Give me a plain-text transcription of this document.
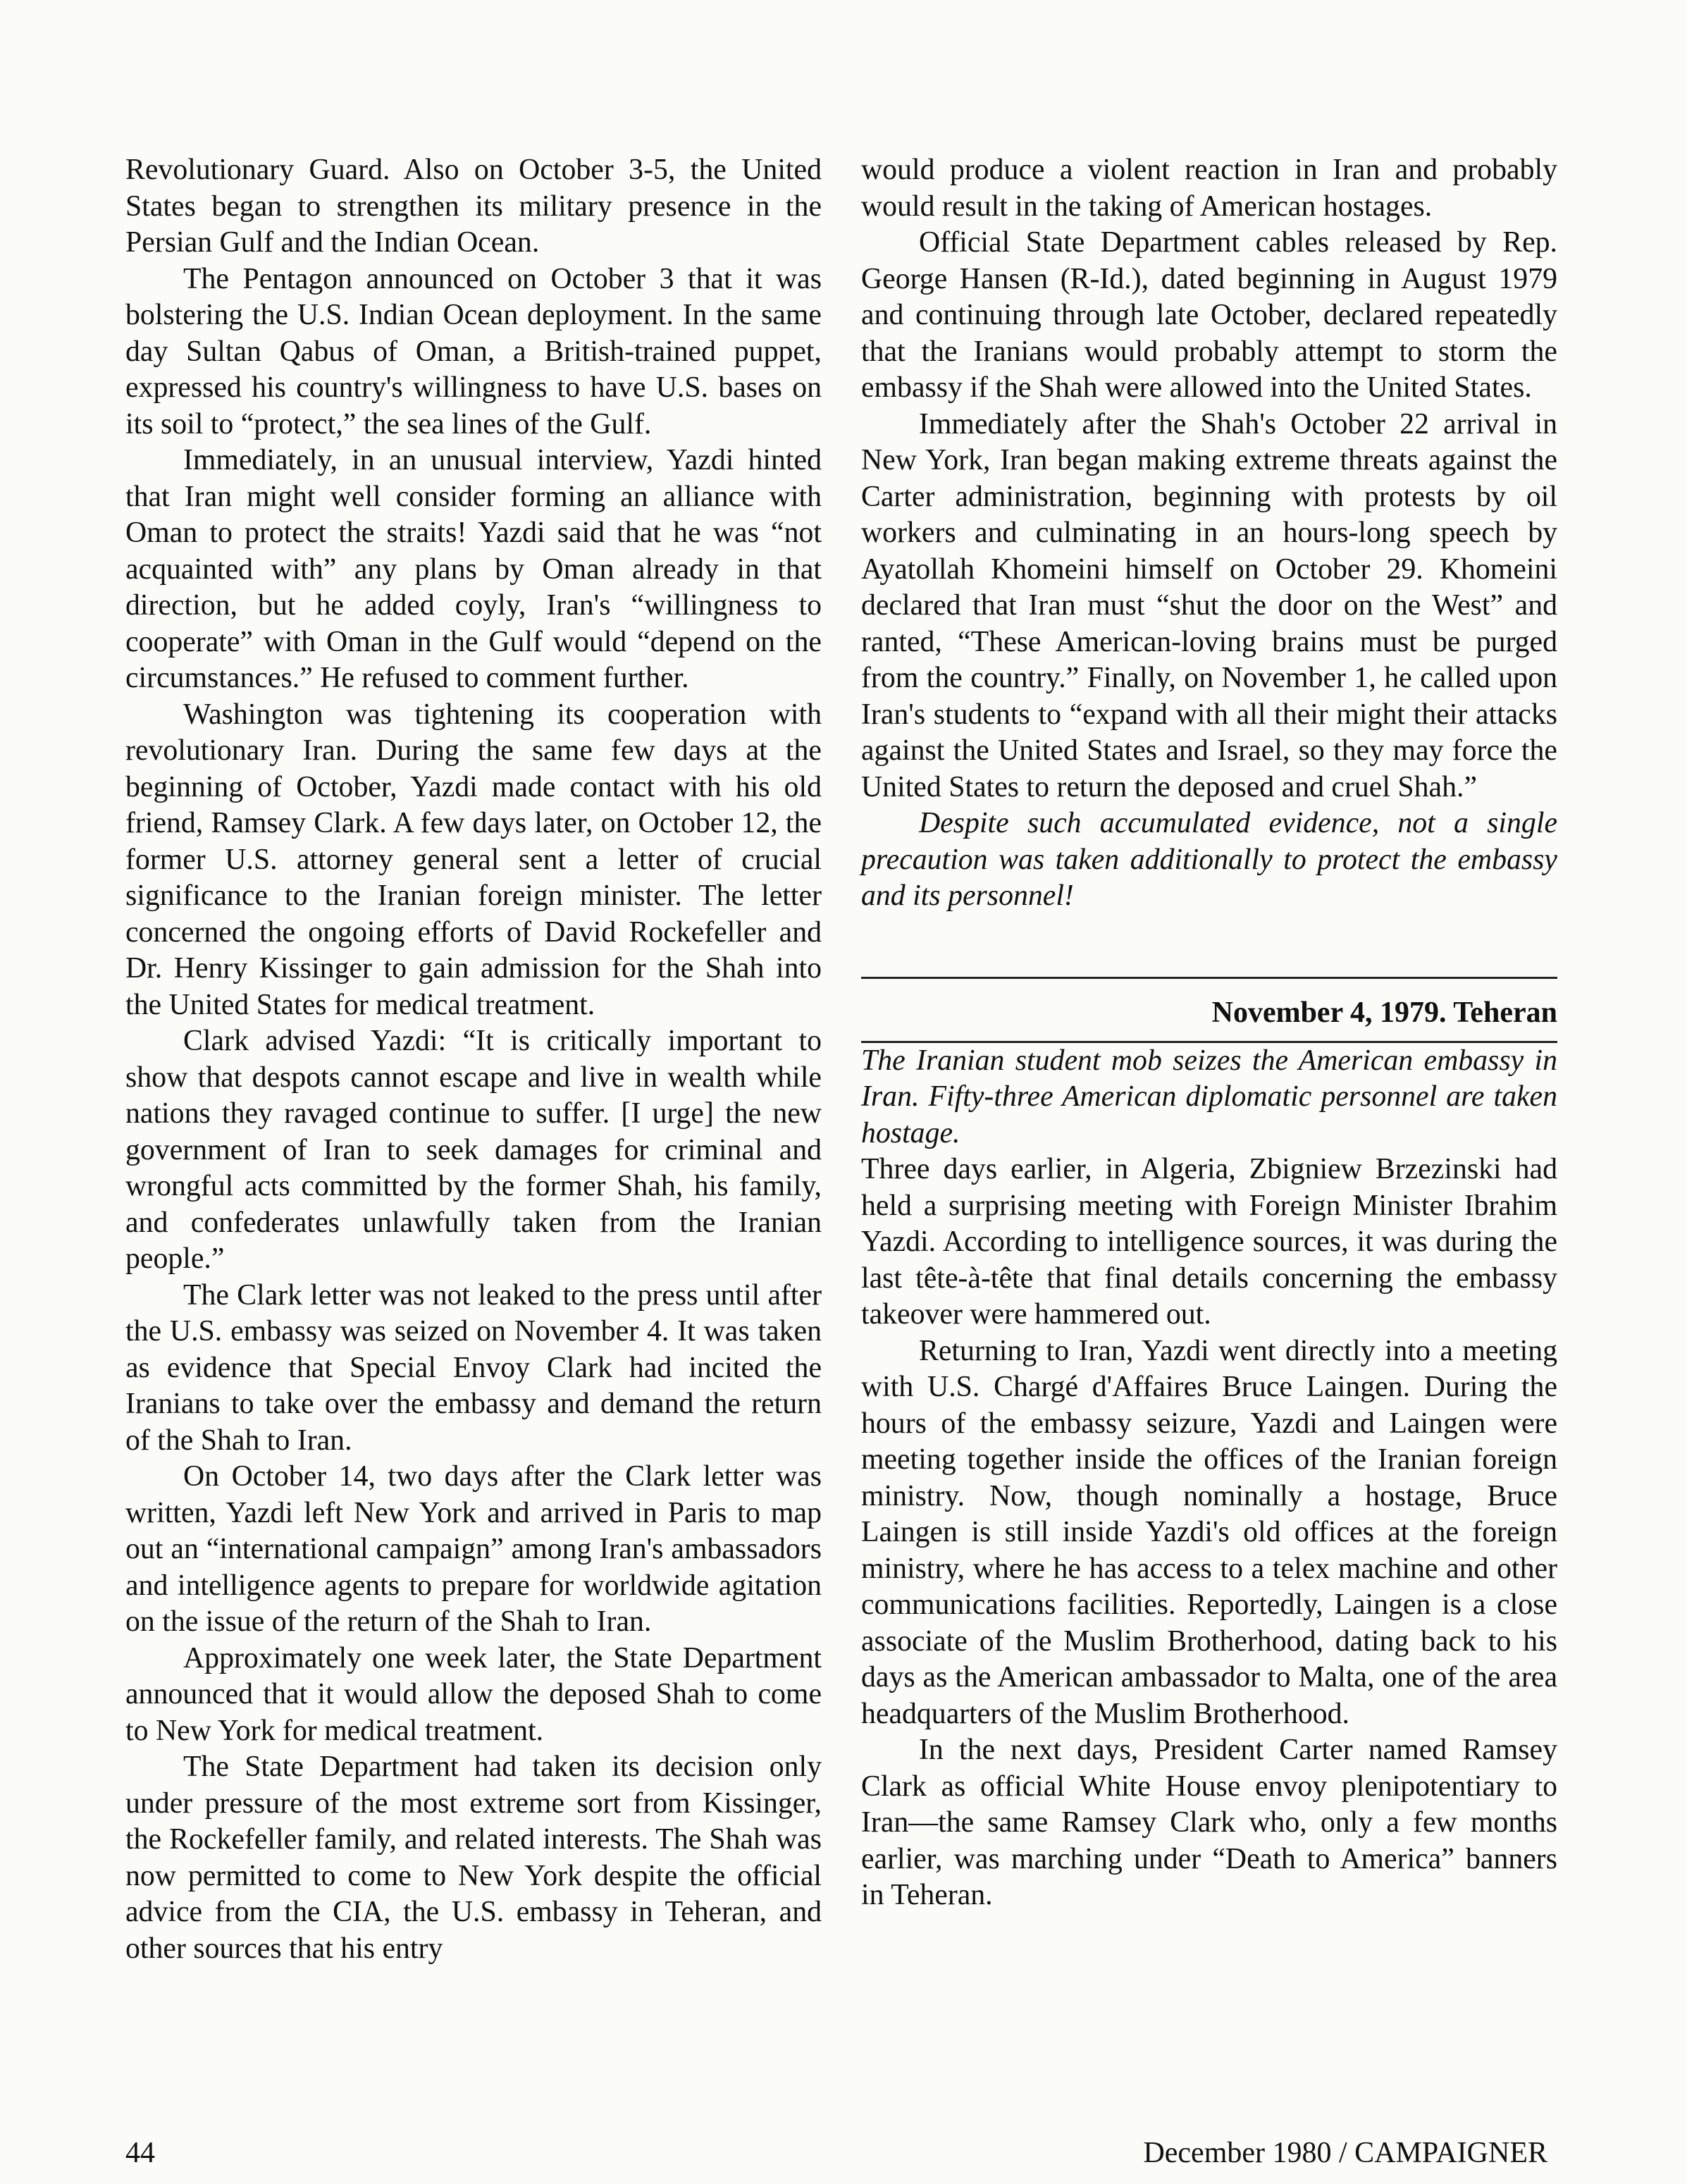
Revolutionary Guard. Also on October 3-5, the United States began to strengthen its military presence in the Persian Gulf and the Indian Ocean.

The Pentagon announced on October 3 that it was bolstering the U.S. Indian Ocean deployment. In the same day Sultan Qabus of Oman, a British-trained puppet, expressed his country's willingness to have U.S. bases on its soil to “protect,” the sea lines of the Gulf.

Immediately, in an unusual interview, Yazdi hinted that Iran might well consider forming an alliance with Oman to protect the straits! Yazdi said that he was “not acquainted with” any plans by Oman already in that direction, but he added coyly, Iran's “willingness to cooperate” with Oman in the Gulf would “depend on the circumstances.” He refused to comment further.

Washington was tightening its cooperation with revolutionary Iran. During the same few days at the beginning of October, Yazdi made contact with his old friend, Ramsey Clark. A few days later, on October 12, the former U.S. attorney general sent a letter of crucial significance to the Iranian foreign minister. The letter concerned the ongoing efforts of David Rockefeller and Dr. Henry Kissinger to gain admission for the Shah into the United States for medical treatment.

Clark advised Yazdi: “It is critically important to show that despots cannot escape and live in wealth while nations they ravaged continue to suffer. [I urge] the new government of Iran to seek damages for criminal and wrongful acts committed by the former Shah, his family, and confederates unlawfully taken from the Iranian people.”

The Clark letter was not leaked to the press until after the U.S. embassy was seized on November 4. It was taken as evidence that Special Envoy Clark had incited the Iranians to take over the embassy and demand the return of the Shah to Iran.

On October 14, two days after the Clark letter was written, Yazdi left New York and arrived in Paris to map out an “international campaign” among Iran's ambassadors and intelligence agents to prepare for worldwide agitation on the issue of the return of the Shah to Iran.

Approximately one week later, the State Department announced that it would allow the deposed Shah to come to New York for medical treatment.

The State Department had taken its decision only under pressure of the most extreme sort from Kissinger, the Rockefeller family, and related interests. The Shah was now permitted to come to New York despite the official advice from the CIA, the U.S. embassy in Teheran, and other sources that his entry

would produce a violent reaction in Iran and probably would result in the taking of American hostages.

Official State Department cables released by Rep. George Hansen (R-Id.), dated beginning in August 1979 and continuing through late October, declared repeatedly that the Iranians would probably attempt to storm the embassy if the Shah were allowed into the United States.

Immediately after the Shah's October 22 arrival in New York, Iran began making extreme threats against the Carter administration, beginning with protests by oil workers and culminating in an hours-long speech by Ayatollah Khomeini himself on October 29. Khomeini declared that Iran must “shut the door on the West” and ranted, “These American-loving brains must be purged from the country.” Finally, on November 1, he called upon Iran's students to “expand with all their might their attacks against the United States and Israel, so they may force the United States to return the deposed and cruel Shah.”

Despite such accumulated evidence, not a single precaution was taken additionally to protect the embassy and its personnel!

November 4, 1979. Teheran

The Iranian student mob seizes the American embassy in Iran. Fifty-three American diplomatic personnel are taken hostage.

Three days earlier, in Algeria, Zbigniew Brzezinski had held a surprising meeting with Foreign Minister Ibrahim Yazdi. According to intelligence sources, it was during the last tête-à-tête that final details concerning the embassy takeover were hammered out.

Returning to Iran, Yazdi went directly into a meeting with U.S. Chargé d'Affaires Bruce Laingen. During the hours of the embassy seizure, Yazdi and Laingen were meeting together inside the offices of the Iranian foreign ministry. Now, though nominally a hostage, Bruce Laingen is still inside Yazdi's old offices at the foreign ministry, where he has access to a telex machine and other communications facilities. Reportedly, Laingen is a close associate of the Muslim Brotherhood, dating back to his days as the American ambassador to Malta, one of the area headquarters of the Muslim Brotherhood.

In the next days, President Carter named Ramsey Clark as official White House envoy plenipotentiary to Iran—the same Ramsey Clark who, only a few months earlier, was marching under “Death to America” banners in Teheran.

44	December 1980 / CAMPAIGNER
